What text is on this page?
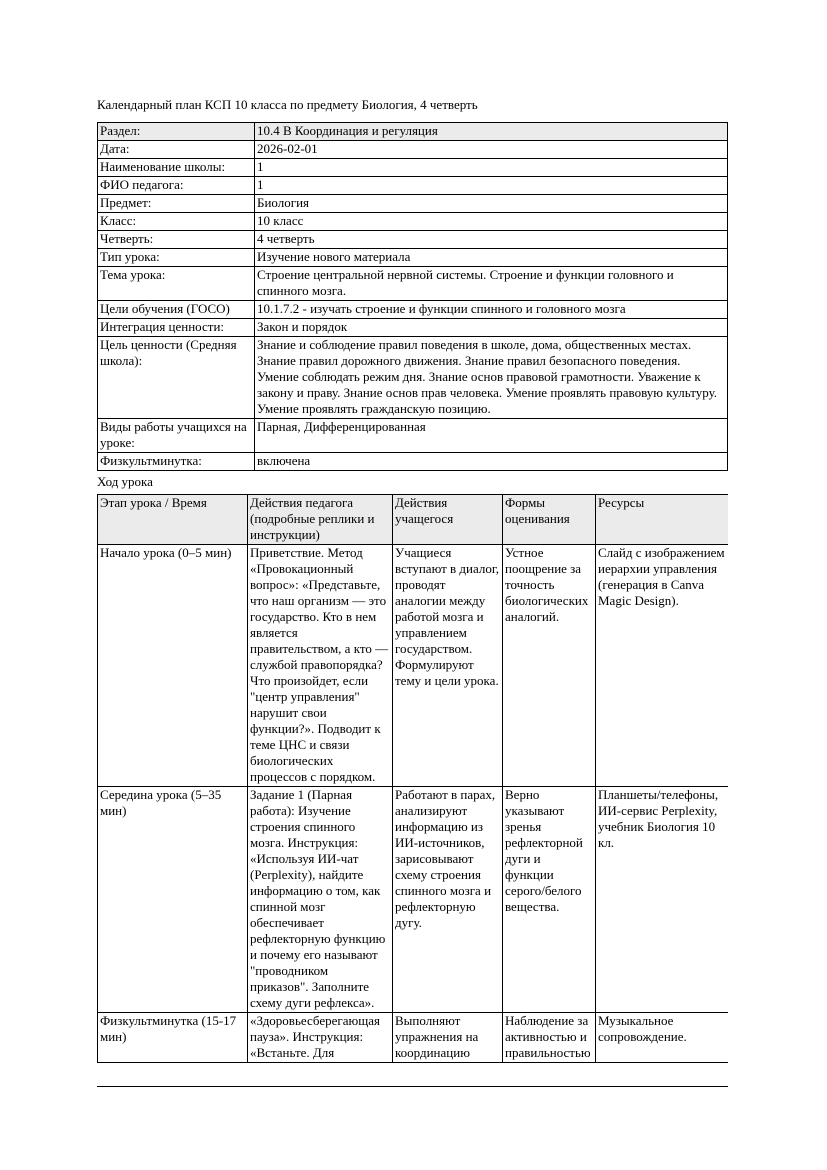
Календарный план КСП 10 класса по предмету Биология, 4 четверть

Раздел:	10.4 В Координация и регуляция
Дата:	2026-02-01
Наименование школы:	1
ФИО педагога:	1
Предмет:	Биология
Класс:	10 класс
Четверть:	4 четверть
Тип урока:	Изучение нового материала
Тема урока:	Строение центральной нервной системы. Строение и функции головного и спинного мозга.
Цели обучения (ГОСО)	10.1.7.2 - изучать строение и функции спинного и головного мозга
Интеграция ценности:	Закон и порядок
Цель ценности (Средняя школа):	Знание и соблюдение правил поведения в школе, дома, общественных местах. Знание правил дорожного движения. Знание правил безопасного поведения. Умение соблюдать режим дня. Знание основ правовой грамотности. Уважение к закону и праву. Знание основ прав человека. Умение проявлять правовую культуру. Умение проявлять гражданскую позицию.
Виды работы учащихся на уроке:	Парная, Дифференцированная
Физкультминутка:	включена

Ход урока

Этап урока / Время	Действия педагога (подробные реплики и инструкции)	Действия учащегося	Формы оценивания	Ресурсы
Начало урока (0–5 мин)	Приветствие. Метод «Провокационный вопрос»: «Представьте, что наш организм — это государство. Кто в нем является правительством, а кто — службой правопорядка? Что произойдет, если "центр управления" нарушит свои функции?». Подводит к теме ЦНС и связи биологических процессов с порядком.	Учащиеся вступают в диалог, проводят аналогии между работой мозга и управлением государством. Формулируют тему и цели урока.	Устное поощрение за точность биологических аналогий.	Слайд с изображением иерархии управления (генерация в Canva Magic Design).
Середина урока (5–35 мин)	Задание 1 (Парная работа): Изучение строения спинного мозга. Инструкция: «Используя ИИ-чат (Perplexity), найдите информацию о том, как спинной мозг обеспечивает рефлекторную функцию и почему его называют "проводником приказов". Заполните схему дуги рефлекса».	Работают в парах, анализируют информацию из ИИ-источников, зарисовывают схему строения спинного мозга и рефлекторную дугу.	Верно указывают зренья рефлекторной дуги и функции серого/белого вещества.	Планшеты/телефоны, ИИ-сервис Perplexity, учебник Биология 10 кл.
Физкультминутка (15-17 мин)	«Здоровьесберегающая пауза». Инструкция: «Встаньте. Для	Выполняют упражнения на координацию	Наблюдение за активностью и правильностью	Музыкальное сопровождение.
